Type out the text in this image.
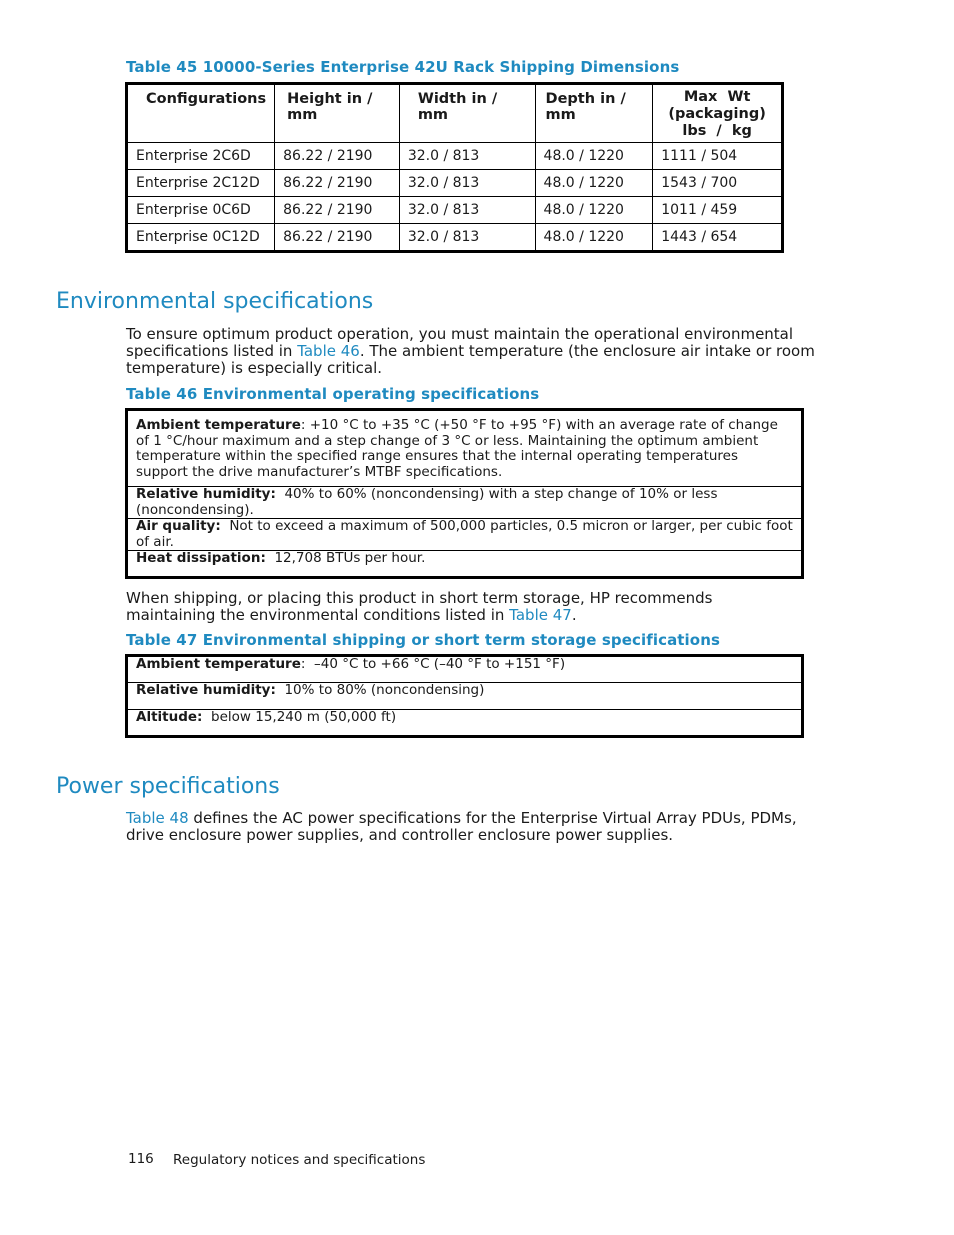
Table 45 10000-Series Enterprise 42U Rack Shipping Dimensions
Configurations	Height in / mm	Width in / mm	Depth in / mm	Max  Wt
(packaging)
lbs  /  kg

Enterprise 2C6D	86.22 / 2190	32.0 / 813	48.0 / 1220	1111 / 504
Enterprise 2C12D	86.22 / 2190	32.0 / 813	48.0 / 1220	1543 / 700
Enterprise 0C6D	86.22 / 2190	32.0 / 813	48.0 / 1220	1011 / 459
Enterprise 0C12D	86.22 / 2190	32.0 / 813	48.0 / 1220	1443 / 654
Environmental specifications
To ensure optimum product operation, you must maintain the operational environmental specifications listed in Table 46. The ambient temperature (the enclosure air intake or room temperature) is especially critical.
Table 46 Environmental operating specifications
Ambient temperature: +10 °C to +35 °C (+50 °F to +95 °F) with an average rate of change of 1 °C/hour maximum and a step change of 3 °C or less. Maintaining the optimum ambient temperature within the specified range ensures that the internal operating temperatures support the drive manufacturer’s MTBF specifications.
Relative humidity:  40% to 60% (noncondensing) with a step change of 10% or less (noncondensing).
Air quality:  Not to exceed a maximum of 500,000 particles, 0.5 micron or larger, per cubic foot of air.
Heat dissipation:  12,708 BTUs per hour.
When shipping, or placing this product in short term storage, HP recommends maintaining the environmental conditions listed in Table 47.
Table 47 Environmental shipping or short term storage specifications
Ambient temperature:  –40 °C to +66 °C (–40 °F to +151 °F)
Relative humidity:  10% to 80% (noncondensing)
Altitude:  below 15,240 m (50,000 ft)
Power specifications
Table 48 defines the AC power specifications for the Enterprise Virtual Array PDUs, PDMs, drive enclosure power supplies, and controller enclosure power supplies.
116 Regulatory notices and specifications
